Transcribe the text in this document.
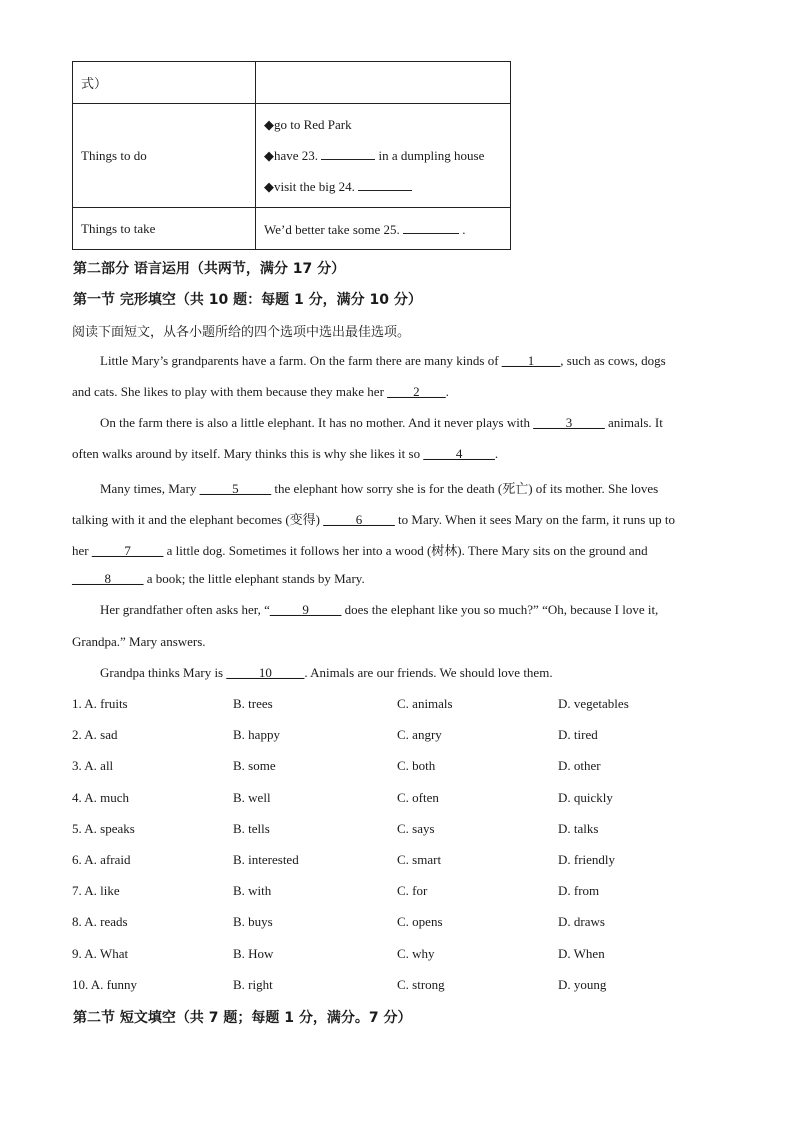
式）	
Things to do	◆go to Red Park
◆have 23. in a dumpling house
◆visit the big 24.

Things to take	We’d better take some 25. .
第二部分 语言运用（共两节，满分 17 分）
第一节 完形填空（共 10 题：每题 1 分，满分 10 分）
阅读下面短文，从各小题所给的四个选项中选出最佳选项。
Little Mary’s grandparents have a farm. On the farm there are many kinds of ____1____, such as cows, dogs
and cats. She likes to play with them because they make her ____2____.
On the farm there is also a little elephant. It has no mother. And it never plays with _____3_____ animals. It
often walks around by itself. Mary thinks this is why she likes it so _____4_____.
Many times, Mary _____5_____ the elephant how sorry she is for the death (死亡) of its mother. She loves
talking with it and the elephant becomes (变得) _____6_____ to Mary. When it sees Mary on the farm, it runs up to
her _____7_____ a little dog. Sometimes it follows her into a wood (树林). There Mary sits on the ground and
_____8_____ a book; the little elephant stands by Mary.
Her grandfather often asks her, “_____9_____ does the elephant like you so much?” “Oh, because I love it,
Grandpa.” Mary answers.
Grandpa thinks Mary is _____10_____. Animals are our friends. We should love them.
1. A. fruits	B. trees	C. animals	D. vegetables
2. A. sad	B. happy	C. angry	D. tired
3. A. all	B. some	C. both	D. other
4. A. much	B. well	C. often	D. quickly
5. A. speaks	B. tells	C. says	D. talks
6. A. afraid	B. interested	C. smart	D. friendly
7. A. like	B. with	C. for	D. from
8. A. reads	B. buys	C. opens	D. draws
9. A. What	B. How	C. why	D. When
10. A. funny	B. right	C. strong	D. young
第二节 短文填空（共 7 题；每题 1 分，满分。7 分）
